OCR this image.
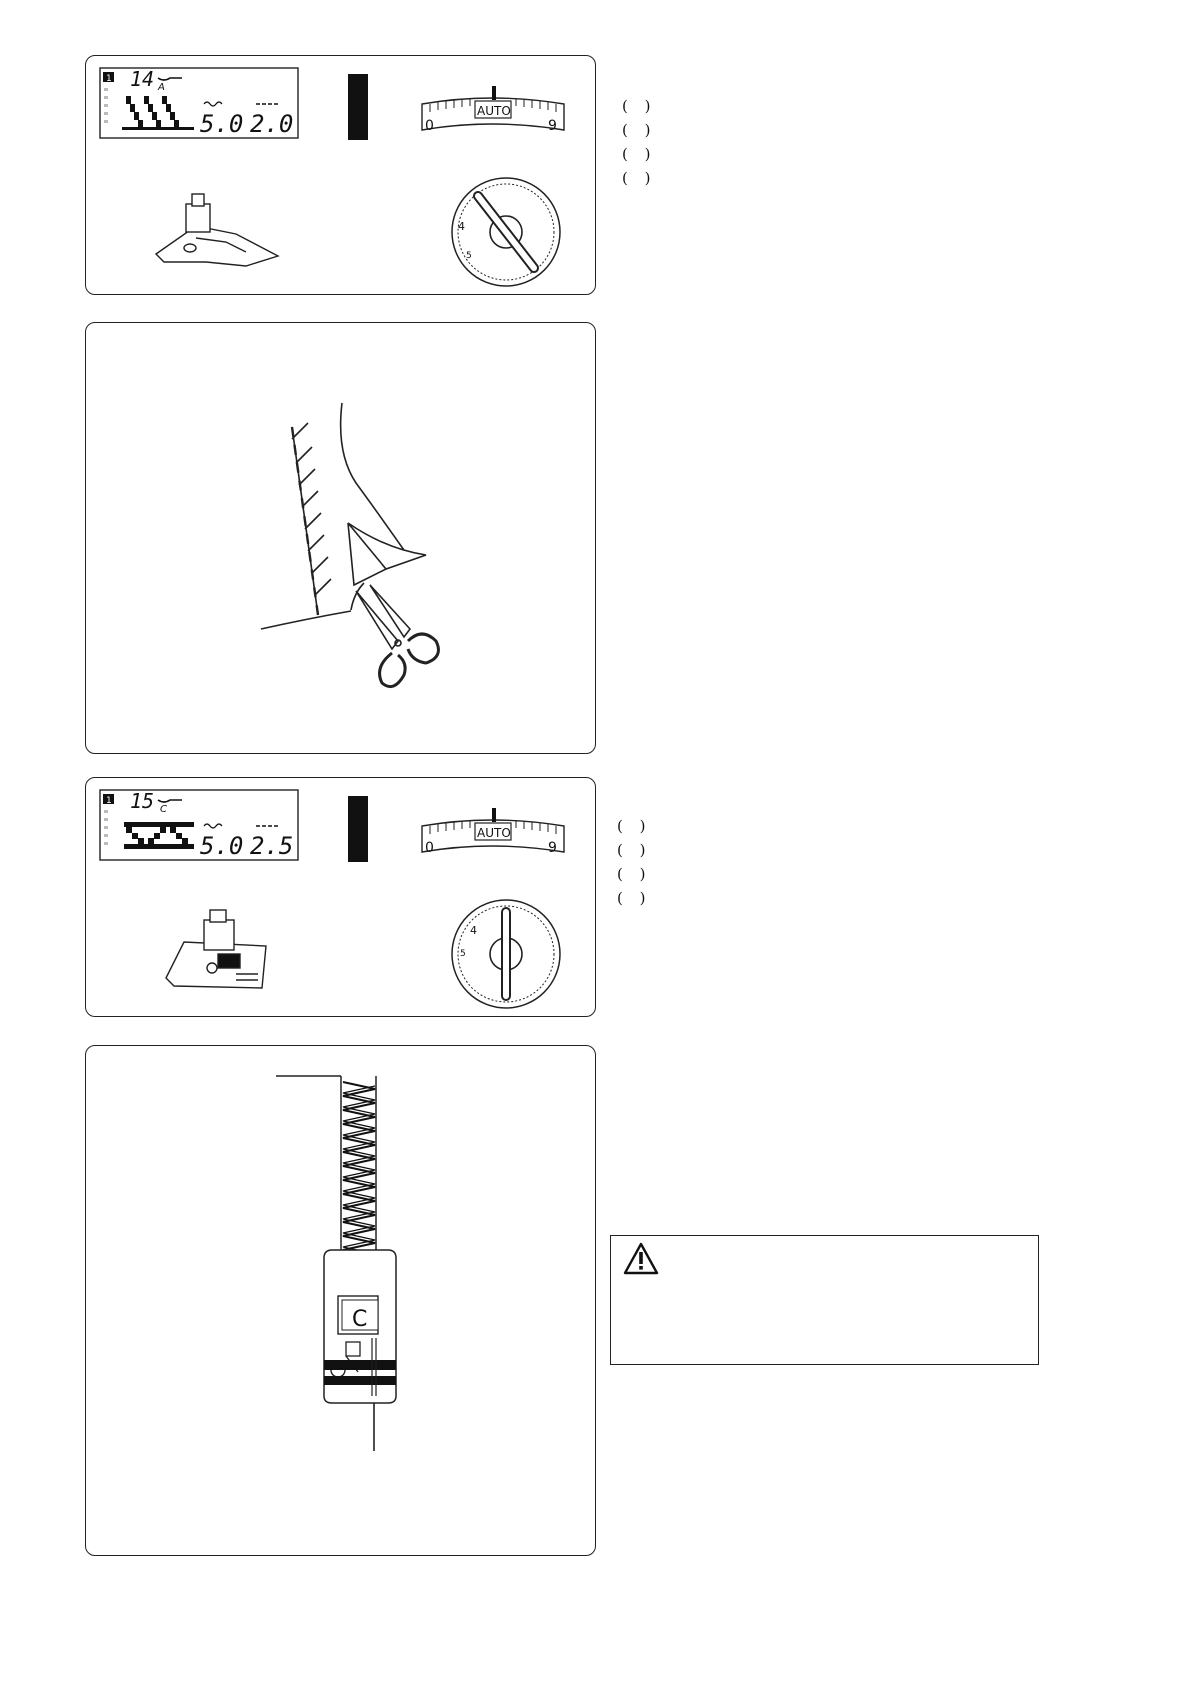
1 14 A
5.0 2.0	AUTO
0	9
4
5
( )
( )
( )
( )
1 15 C
5.0 2.5	AUTO
0	9
4
5
( )
( )
( )
( )
C
